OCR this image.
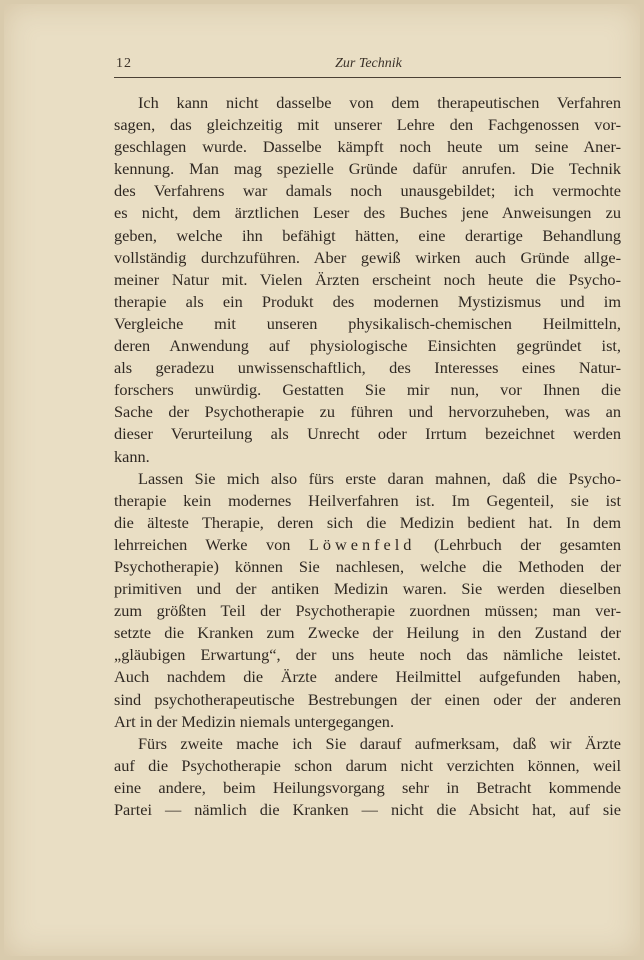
12	Zur Technik
Ich kann nicht dasselbe von dem therapeutischen Verfahren
sagen, das gleichzeitig mit unserer Lehre den Fachgenossen vor-
geschlagen wurde. Dasselbe kämpft noch heute um seine Aner-
kennung. Man mag spezielle Gründe dafür anrufen. Die Technik
des Verfahrens war damals noch unausgebildet; ich vermochte
es nicht, dem ärztlichen Leser des Buches jene Anweisungen zu
geben, welche ihn befähigt hätten, eine derartige Behandlung
vollständig durchzuführen. Aber gewiß wirken auch Gründe allge-
meiner Natur mit. Vielen Ärzten erscheint noch heute die Psycho-
therapie als ein Produkt des modernen Mystizismus und im
Vergleiche mit unseren physikalisch-chemischen Heilmitteln,
deren Anwendung auf physiologische Einsichten gegründet ist,
als geradezu unwissenschaftlich, des Interesses eines Natur-
forschers unwürdig. Gestatten Sie mir nun, vor Ihnen die
Sache der Psychotherapie zu führen und hervorzuheben, was an
dieser Verurteilung als Unrecht oder Irrtum bezeichnet werden
kann.
Lassen Sie mich also fürs erste daran mahnen, daß die Psycho-
therapie kein modernes Heilverfahren ist. Im Gegenteil, sie ist
die älteste Therapie, deren sich die Medizin bedient hat. In dem
lehrreichen Werke von Löwenfeld (Lehrbuch der gesamten
Psychotherapie) können Sie nachlesen, welche die Methoden der
primitiven und der antiken Medizin waren. Sie werden dieselben
zum größten Teil der Psychotherapie zuordnen müssen; man ver-
setzte die Kranken zum Zwecke der Heilung in den Zustand der
„gläubigen Erwartung“, der uns heute noch das nämliche leistet.
Auch nachdem die Ärzte andere Heilmittel aufgefunden haben,
sind psychotherapeutische Bestrebungen der einen oder der anderen
Art in der Medizin niemals untergegangen.
Fürs zweite mache ich Sie darauf aufmerksam, daß wir Ärzte
auf die Psychotherapie schon darum nicht verzichten können, weil
eine andere, beim Heilungsvorgang sehr in Betracht kommende
Partei — nämlich die Kranken — nicht die Absicht hat, auf sie
